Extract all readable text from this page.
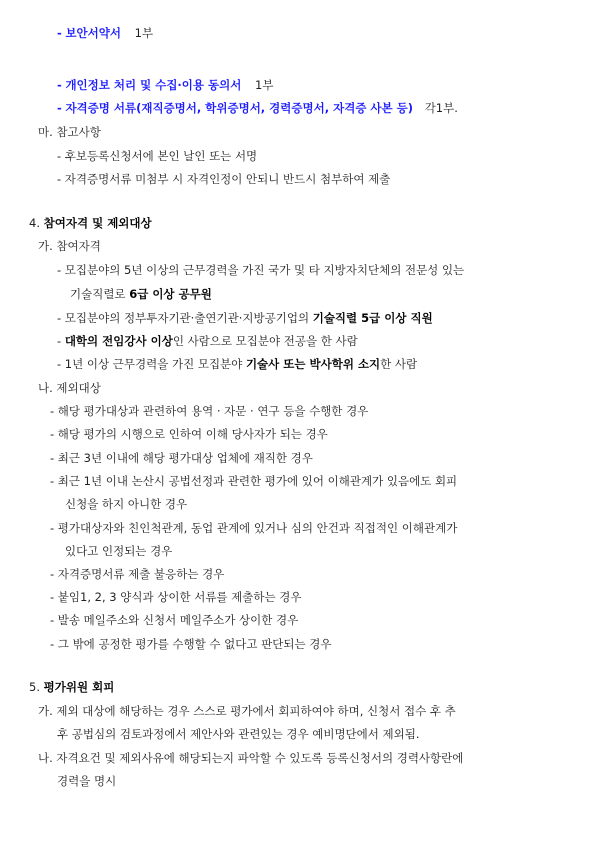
- 보안서약서 1부
- 개인정보 처리 및 수집·이용 동의서 1부
- 자격증명 서류(재직증명서, 학위증명서, 경력증명서, 자격증 사본 등) 각1부.
마. 참고사항
- 후보등록신청서에 본인 날인 또는 서명
- 자격증명서류 미첨부 시 자격인정이 안되니 반드시 첨부하여 제출
4. 참여자격 및 제외대상
가. 참여자격
- 모집분야의 5년 이상의 근무경력을 가진 국가 및 타 지방자치단체의 전문성 있는
기술직렬로 6급 이상 공무원
- 모집분야의 정부투자기관·출연기관·지방공기업의 기술직렬 5급 이상 직원
- 대학의 전임강사 이상인 사람으로 모집분야 전공을 한 사람
- 1년 이상 근무경력을 가진 모집분야 기술사 또는 박사학위 소지한 사람
나. 제외대상
- 해당 평가대상과 관련하여 용역 · 자문 · 연구 등을 수행한 경우
- 해당 평가의 시행으로 인하여 이해 당사자가 되는 경우
- 최근 3년 이내에 해당 평가대상 업체에 재직한 경우
- 최근 1년 이내 논산시 공법선정과 관련한 평가에 있어 이해관계가 있음에도 회피
신청을 하지 아니한 경우
- 평가대상자와 친인척관계, 동업 관계에 있거나 심의 안건과 직접적인 이해관계가
있다고 인정되는 경우
- 자격증명서류 제출 불응하는 경우
- 붙임1, 2, 3 양식과 상이한 서류를 제출하는 경우
- 발송 메일주소와 신청서 메일주소가 상이한 경우
- 그 밖에 공정한 평가를 수행할 수 없다고 판단되는 경우
5. 평가위원 회피
가. 제외 대상에 해당하는 경우 스스로 평가에서 회피하여야 하며, 신청서 접수 후 추
후 공법심의 검토과정에서 제안사와 관련있는 경우 예비명단에서 제외됨.
나. 자격요건 및 제외사유에 해당되는지 파악할 수 있도록 등록신청서의 경력사항란에
경력을 명시
